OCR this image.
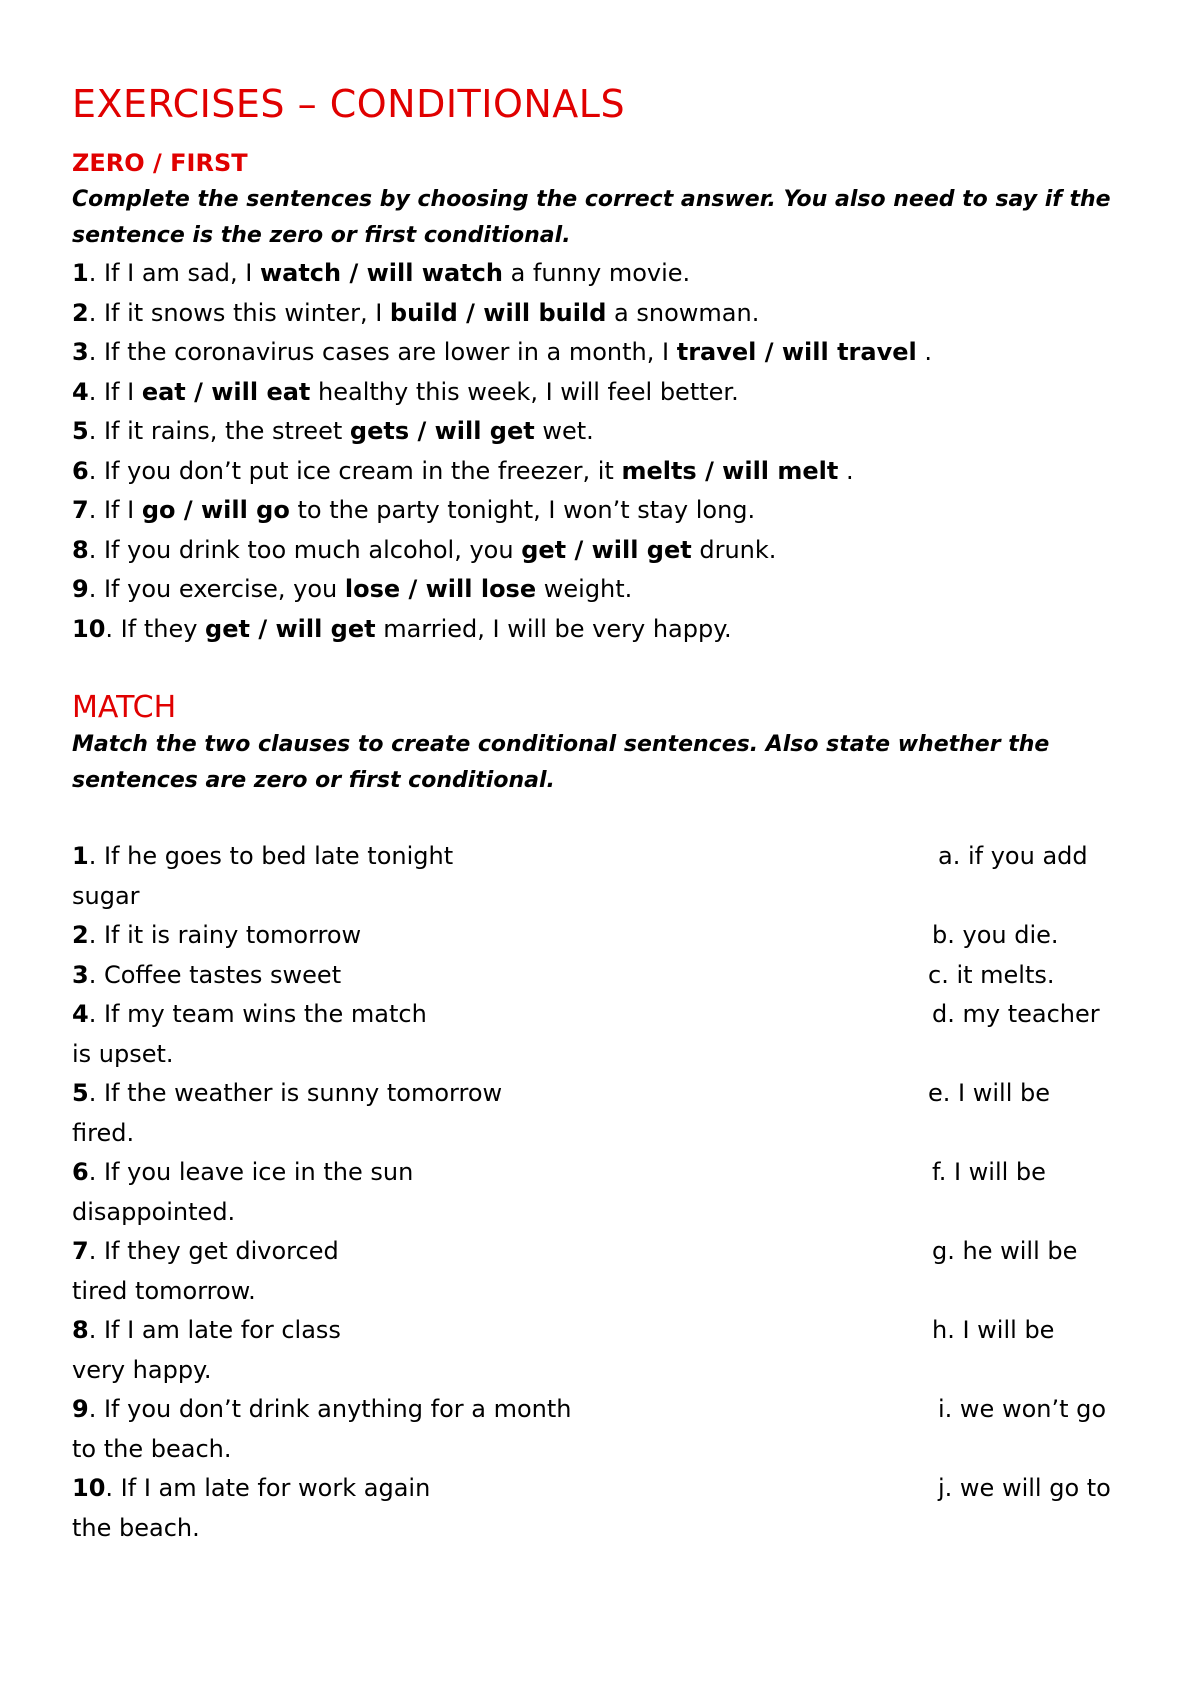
EXERCISES – CONDITIONALS
ZERO / FIRST
Complete the sentences by choosing the correct answer. You also need to say if the sentence is the zero or first conditional.
1. If I am sad, I watch / will watch a funny movie.
2. If it snows this winter, I build / will build a snowman.
3. If the coronavirus cases are lower in a month, I travel / will travel .
4. If I eat / will eat healthy this week, I will feel better.
5. If it rains, the street gets / will get wet.
6. If you don’t put ice cream in the freezer, it melts / will melt .
7. If I go / will go to the party tonight, I won’t stay long.
8. If you drink too much alcohol, you get / will get drunk.
9. If you exercise, you lose / will lose weight.
10. If they get / will get married, I will be very happy.
MATCH
Match the two clauses to create conditional sentences. Also state whether the sentences are zero or first conditional.
1. If he goes to bed late tonight	a. if you add
sugar
2. If it is rainy tomorrow	b. you die.
3. Coffee tastes sweet	c. it melts.
4. If my team wins the match	d. my teacher
is upset.
5. If the weather is sunny tomorrow	e. I will be
fired.
6. If you leave ice in the sun	f. I will be
disappointed.
7. If they get divorced	g. he will be
tired tomorrow.
8. If I am late for class	h. I will be
very happy.
9. If you don’t drink anything for a month	i. we won’t go
to the beach.
10. If I am late for work again	j. we will go to
the beach.
